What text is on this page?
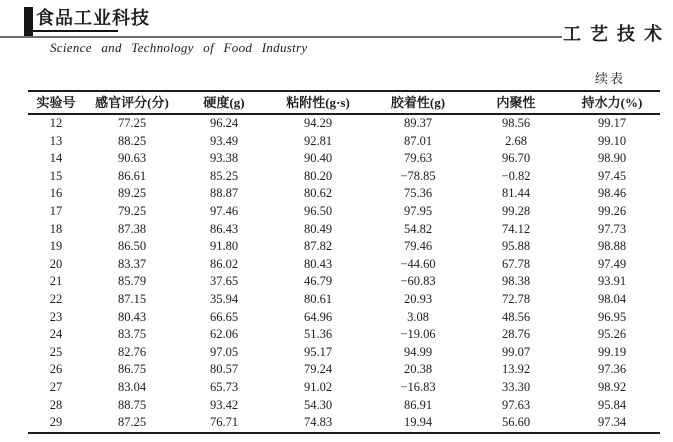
食品工业科技
Science and Technology of Food Industry
工艺技术
续表
实验号	感官评分(分)	硬度(g)	粘附性(g·s)	胶着性(g)	内聚性	持水力(%)
12	77.25	96.24	94.29	89.37	98.56	99.17
13	88.25	93.49	92.81	87.01	2.68	99.10
14	90.63	93.38	90.40	79.63	96.70	98.90
15	86.61	85.25	80.20	−78.85	−0.82	97.45
16	89.25	88.87	80.62	75.36	81.44	98.46
17	79.25	97.46	96.50	97.95	99.28	99.26
18	87.38	86.43	80.49	54.82	74.12	97.73
19	86.50	91.80	87.82	79.46	95.88	98.88
20	83.37	86.02	80.43	−44.60	67.78	97.49
21	85.79	37.65	46.79	−60.83	98.38	93.91
22	87.15	35.94	80.61	20.93	72.78	98.04
23	80.43	66.65	64.96	3.08	48.56	96.95
24	83.75	62.06	51.36	−19.06	28.76	95.26
25	82.76	97.05	95.17	94.99	99.07	99.19
26	86.75	80.57	79.24	20.38	13.92	97.36
27	83.04	65.73	91.02	−16.83	33.30	98.92
28	88.75	93.42	54.30	86.91	97.63	95.84
29	87.25	76.71	74.83	19.94	56.60	97.34
